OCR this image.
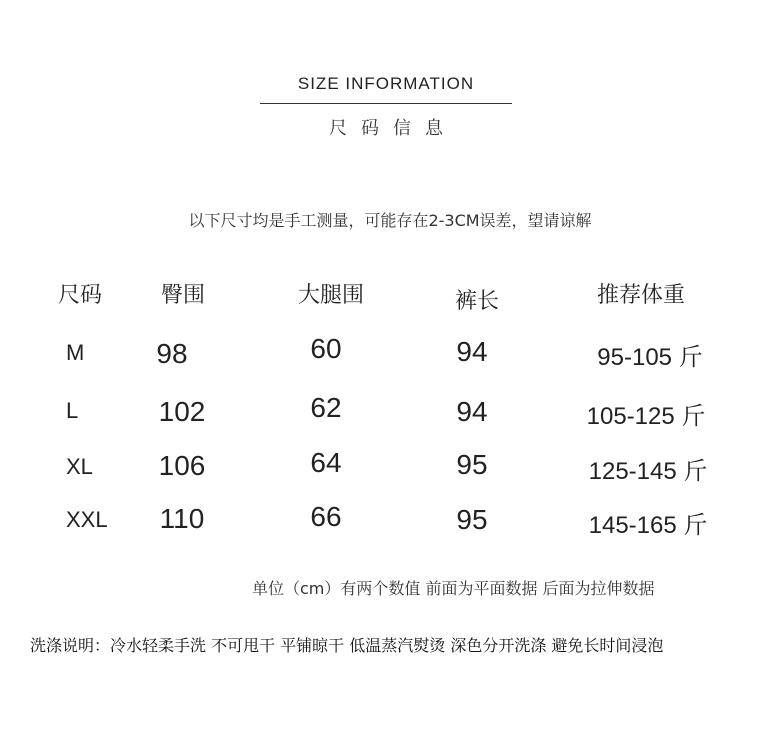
SIZE INFORMATION
尺码信息
以下尺寸均是手工测量，可能存在2-3CM误差，望请谅解
尺码	臀围	大腿围	裤长	推荐体重
M	98	60	94	95-105 斤
L	102	62	94	105-125 斤
XL 106	64	95	125-145 斤
XXL 110	66	95	145-165 斤
单位（cm）有两个数值 前面为平面数据 后面为拉伸数据
洗涤说明：冷水轻柔手洗 不可甩干 平铺晾干 低温蒸汽熨烫 深色分开洗涤 避免长时间浸泡
